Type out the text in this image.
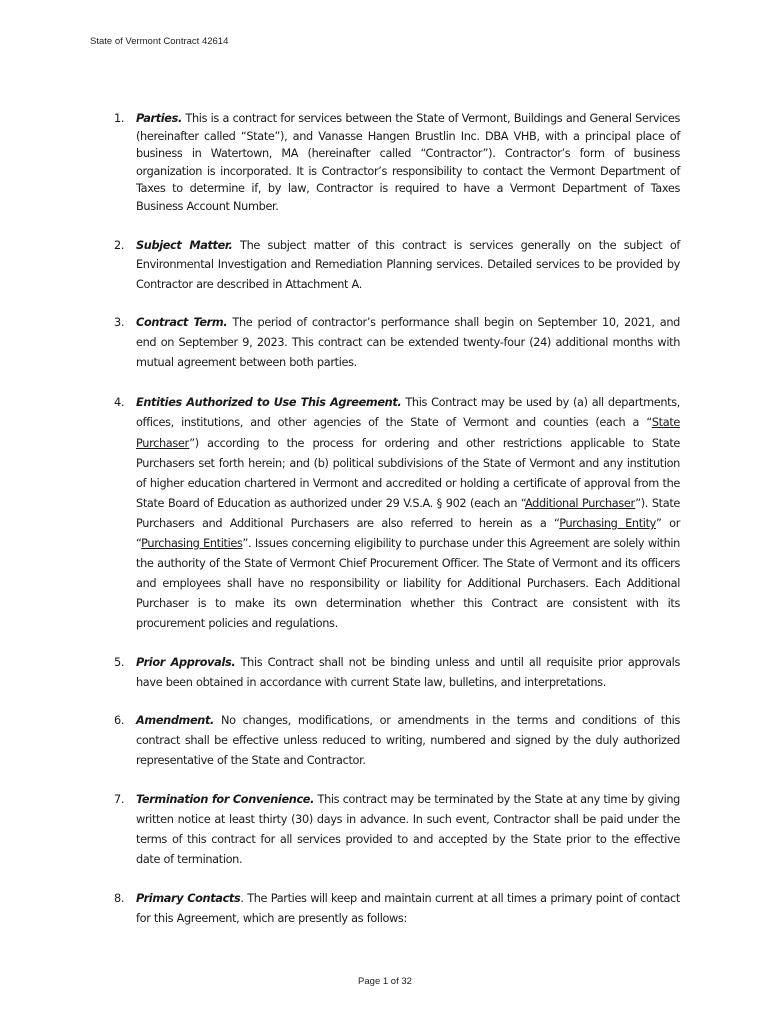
State of Vermont Contract 42614
1. Parties. This is a contract for services between the State of Vermont, Buildings and General Services (hereinafter called “State”), and Vanasse Hangen Brustlin Inc. DBA VHB, with a principal place of business in Watertown, MA (hereinafter called “Contractor”). Contractor’s form of business organization is incorporated. It is Contractor’s responsibility to contact the Vermont Department of Taxes to determine if, by law, Contractor is required to have a Vermont Department of Taxes Business Account Number.
2. Subject Matter. The subject matter of this contract is services generally on the subject of Environmental Investigation and Remediation Planning services. Detailed services to be provided by Contractor are described in Attachment A.
3. Contract Term. The period of contractor’s performance shall begin on September 10, 2021, and end on September 9, 2023. This contract can be extended twenty-four (24) additional months with mutual agreement between both parties.
4. Entities Authorized to Use This Agreement. This Contract may be used by (a) all departments, offices, institutions, and other agencies of the State of Vermont and counties (each a “State Purchaser”) according to the process for ordering and other restrictions applicable to State Purchasers set forth herein; and (b) political subdivisions of the State of Vermont and any institution of higher education chartered in Vermont and accredited or holding a certificate of approval from the State Board of Education as authorized under 29 V.S.A. § 902 (each an “Additional Purchaser”). State Purchasers and Additional Purchasers are also referred to herein as a “Purchasing Entity” or “Purchasing Entities”. Issues concerning eligibility to purchase under this Agreement are solely within the authority of the State of Vermont Chief Procurement Officer. The State of Vermont and its officers and employees shall have no responsibility or liability for Additional Purchasers. Each Additional Purchaser is to make its own determination whether this Contract are consistent with its procurement policies and regulations.
5. Prior Approvals. This Contract shall not be binding unless and until all requisite prior approvals have been obtained in accordance with current State law, bulletins, and interpretations.
6. Amendment. No changes, modifications, or amendments in the terms and conditions of this contract shall be effective unless reduced to writing, numbered and signed by the duly authorized representative of the State and Contractor.
7. Termination for Convenience. This contract may be terminated by the State at any time by giving written notice at least thirty (30) days in advance. In such event, Contractor shall be paid under the terms of this contract for all services provided to and accepted by the State prior to the effective date of termination.
8. Primary Contacts. The Parties will keep and maintain current at all times a primary point of contact for this Agreement, which are presently as follows:
Page 1 of 32
